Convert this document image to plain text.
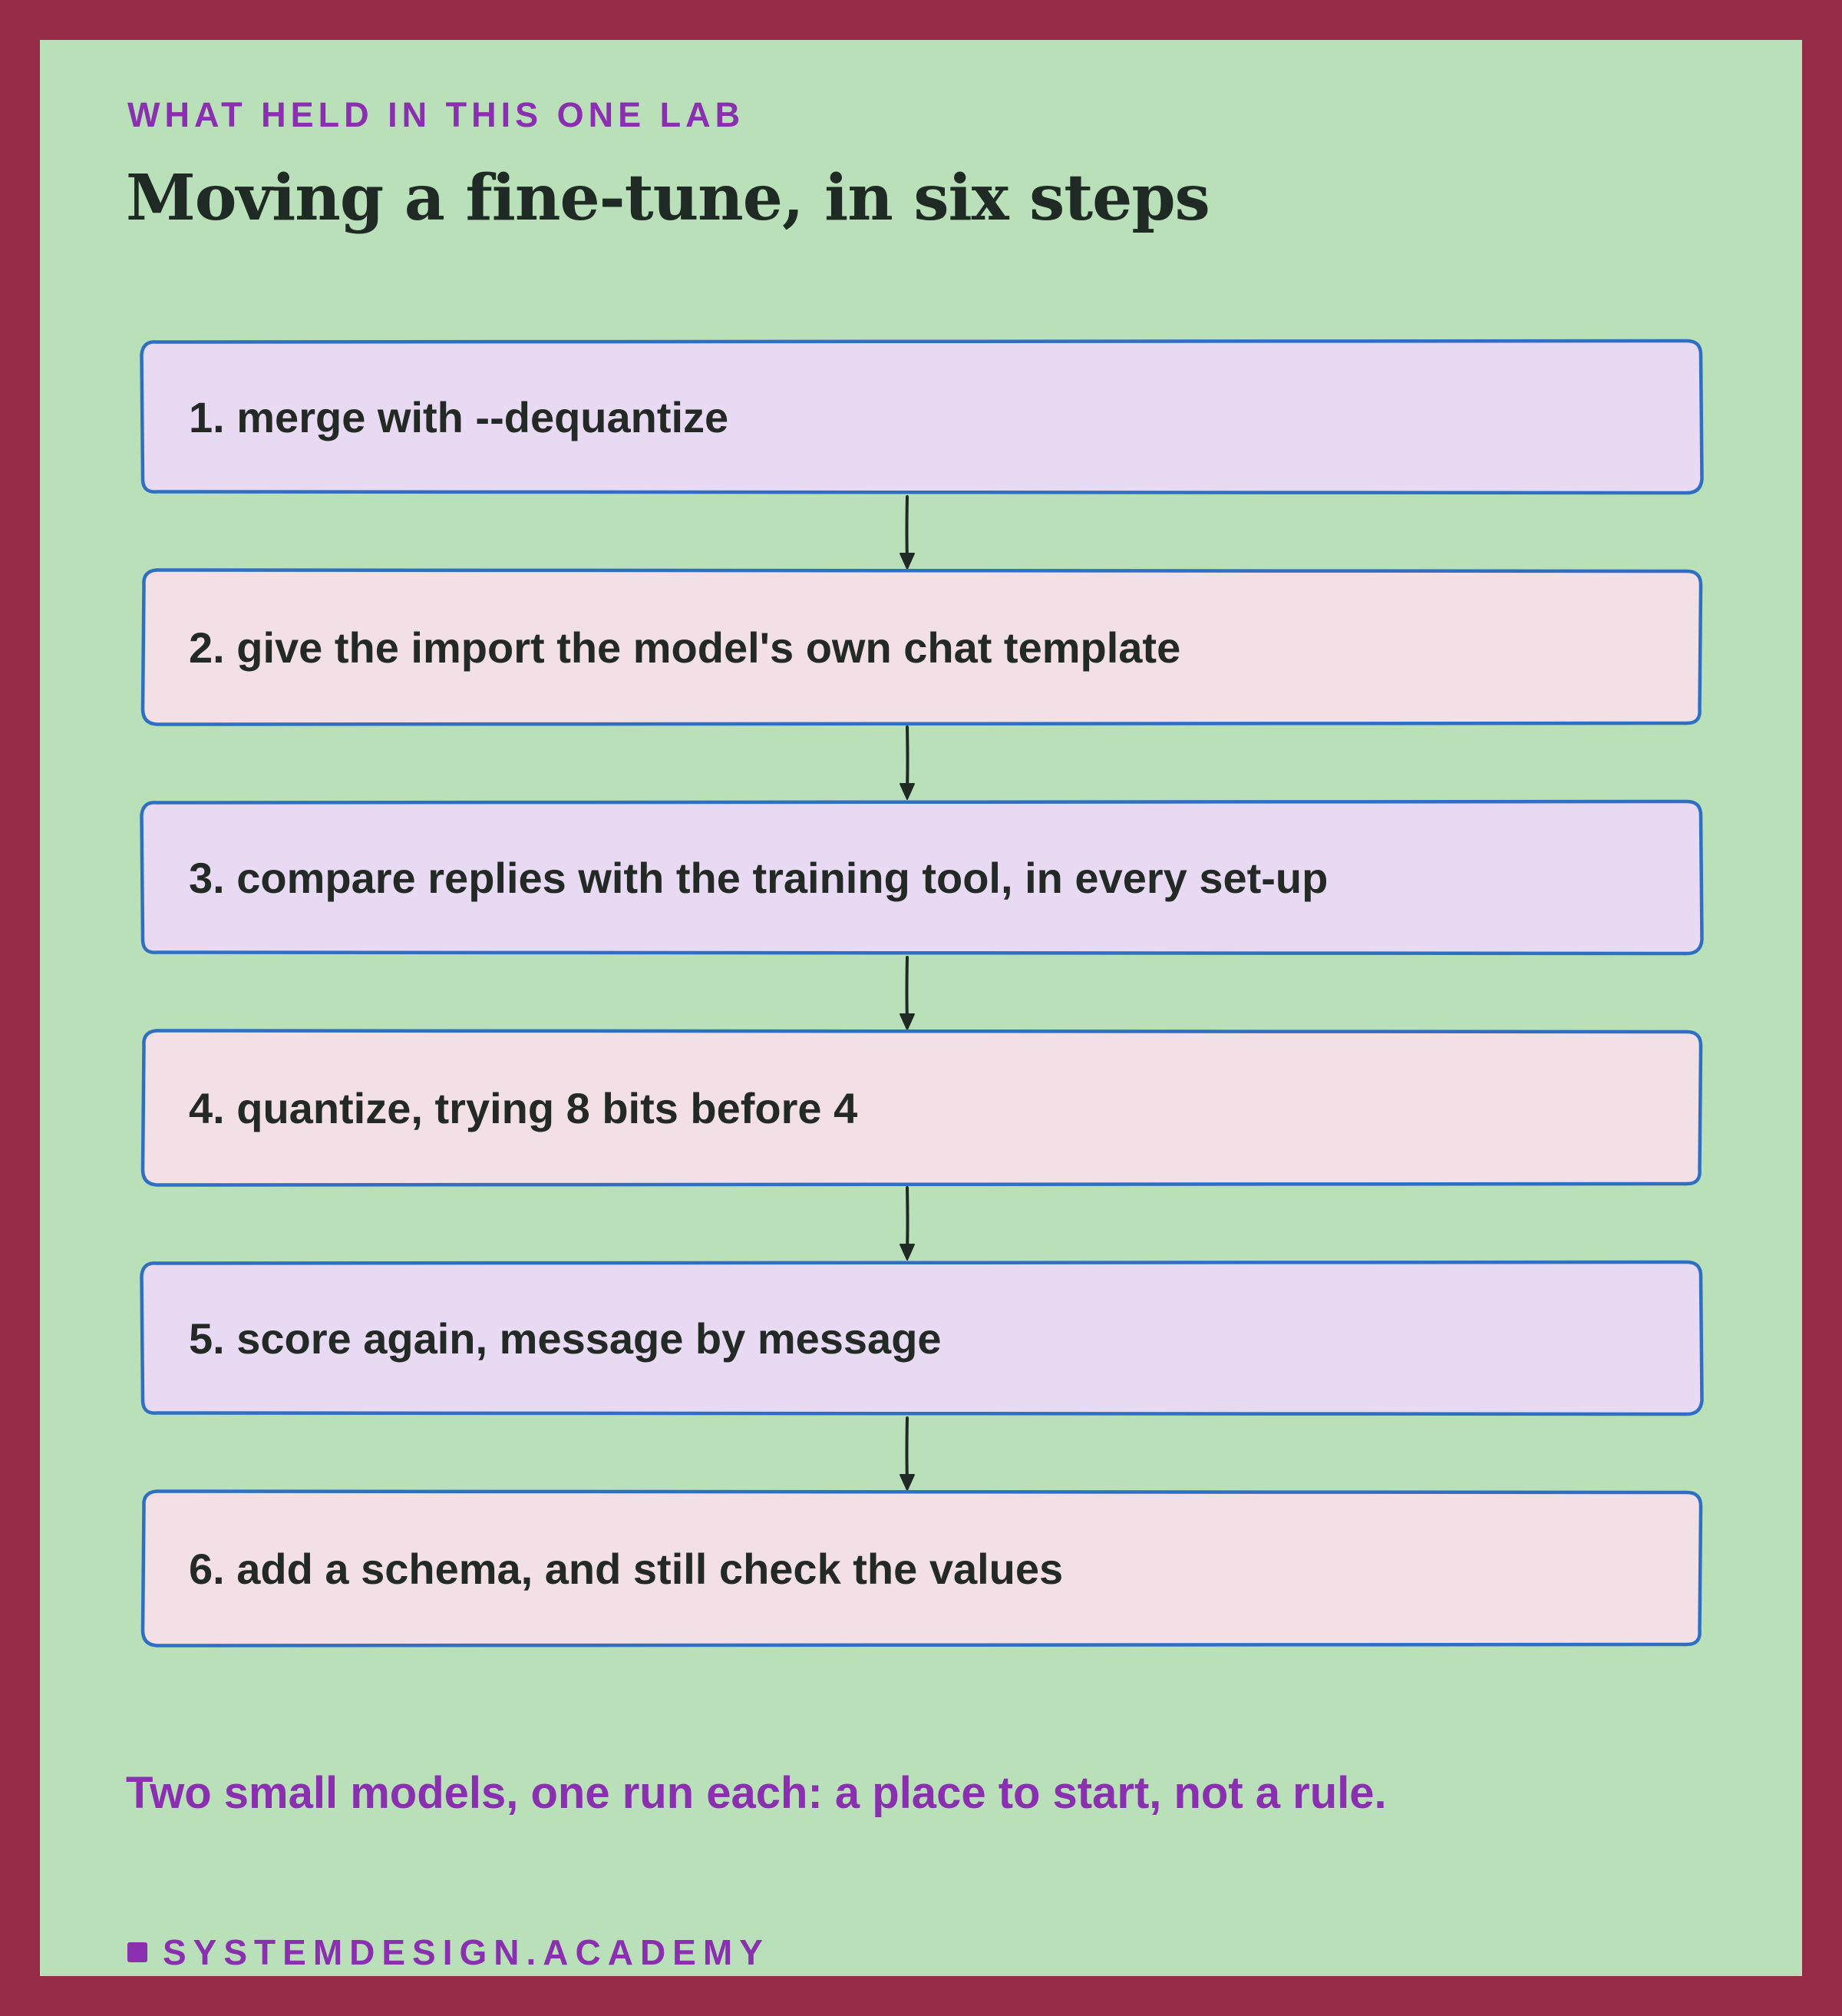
WHAT HELD IN THIS ONE LAB

Moving a fine-tune, in six steps
1. merge with --dequantize
2. give the import the model's own chat template
3. compare replies with the training tool, in every set-up
4. quantize, trying 8 bits before 4
5. score again, message by message
6. add a schema, and still check the values

Two small models, one run each: a place to start, not a rule.

SYSTEMDESIGN.ACADEMY
